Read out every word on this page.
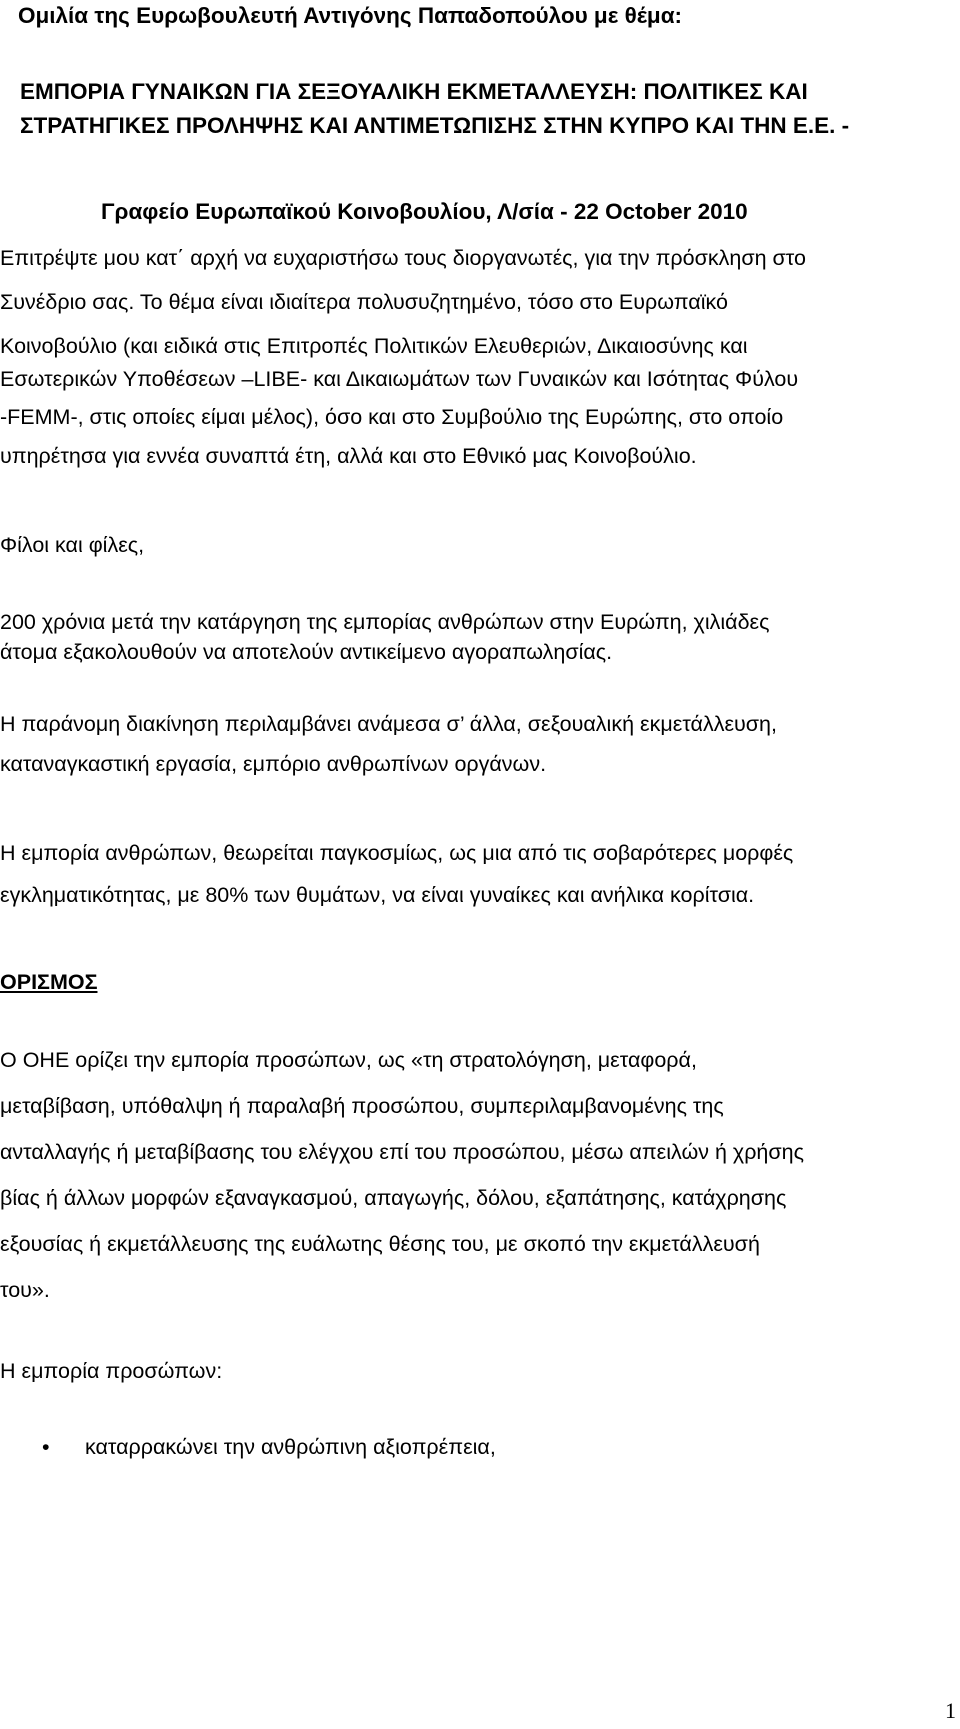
Ομιλία της Ευρωβουλευτή Αντιγόνης Παπαδοπούλου με θέμα:
ΕΜΠΟΡΙΑ ΓΥΝΑΙΚΩΝ ΓΙΑ ΣΕΞΟΥΑΛΙΚΗ ΕΚΜΕΤΑΛΛΕΥΣΗ: ΠΟΛΙΤΙΚΕΣ ΚΑΙ
ΣΤΡΑΤΗΓΙΚΕΣ ΠΡΟΛΗΨΗΣ ΚΑΙ ΑΝΤΙΜΕΤΩΠΙΣΗΣ ΣΤΗΝ ΚΥΠΡΟ ΚΑΙ ΤΗΝ Ε.Ε. -
Γραφείο Ευρωπαϊκού Κοινοβουλίου, Λ/σία - 22 October 2010
Επιτρέψτε μου κατ΄ αρχή να ευχαριστήσω τους διοργανωτές, για την πρόσκληση στο
Συνέδριο σας. Το θέμα είναι ιδιαίτερα πολυσυζητημένο, τόσο στο Ευρωπαϊκό
Κοινοβούλιο (και ειδικά στις Επιτροπές Πολιτικών Ελευθεριών, Δικαιοσύνης και
Εσωτερικών Υποθέσεων –LIBE- και Δικαιωμάτων των Γυναικών και Ισότητας Φύλου
-FEMM-, στις οποίες είμαι μέλος), όσο και στο Συμβούλιο της Ευρώπης, στο οποίο
υπηρέτησα για εννέα συναπτά έτη, αλλά και στο Εθνικό μας Κοινοβούλιο.
Φίλοι και φίλες,
200 χρόνια μετά την κατάργηση της εμπορίας ανθρώπων στην Ευρώπη, χιλιάδες
άτομα εξακολουθούν να αποτελούν αντικείμενο αγοραπωλησίας.
Η παράνομη διακίνηση περιλαμβάνει ανάμεσα σ’ άλλα, σεξουαλική εκμετάλλευση,
καταναγκαστική εργασία, εμπόριο ανθρωπίνων οργάνων.
Η εμπορία ανθρώπων, θεωρείται παγκοσμίως, ως μια από τις σοβαρότερες μορφές
εγκληματικότητας, με 80% των θυμάτων, να είναι γυναίκες και ανήλικα κορίτσια.
ΟΡΙΣΜΟΣ
Ο ΟΗΕ ορίζει την εμπορία προσώπων, ως «τη στρατολόγηση, μεταφορά,
μεταβίβαση, υπόθαλψη ή παραλαβή προσώπου, συμπεριλαμβανομένης της
ανταλλαγής ή μεταβίβασης του ελέγχου επί του προσώπου, μέσω απειλών ή χρήσης
βίας ή άλλων μορφών εξαναγκασμού, απαγωγής, δόλου, εξαπάτησης, κατάχρησης
εξουσίας ή εκμετάλλευσης της ευάλωτης θέσης του, με σκοπό την εκμετάλλευσή
του».
Η εμπορία προσώπων:
• καταρρακώνει την ανθρώπινη αξιοπρέπεια,
1
